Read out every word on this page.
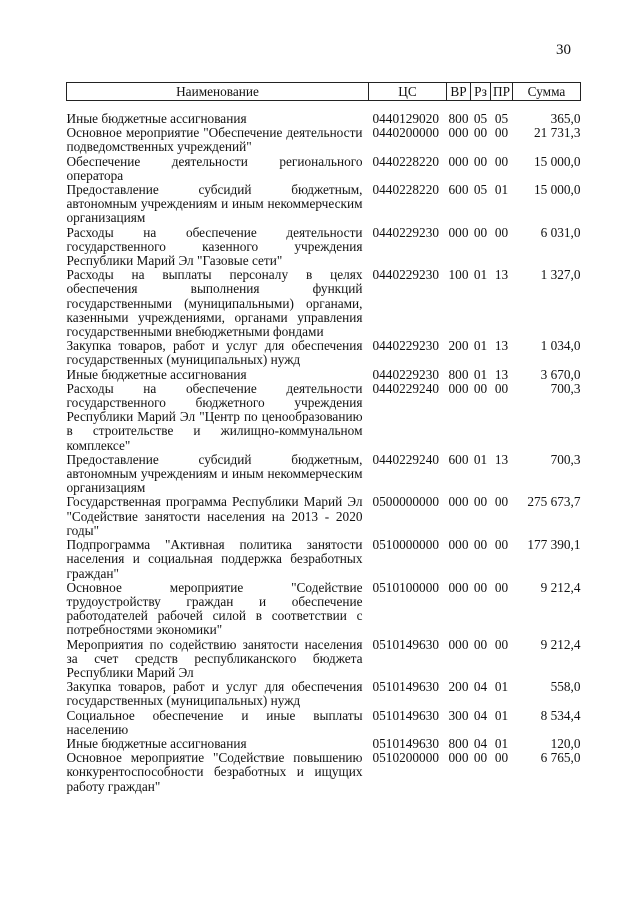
30
Наименование	ЦС	ВР	Рз	ПР	Сумма
Иные бюджетные ассигнования	0440129020	800	05	05	365,0
Основное мероприятие "Обеспечение деятельности подведомственных учреждений"	0440200000	000	00	00	21 731,3
Обеспечение деятельности регионального оператора	0440228220	000	00	00	15 000,0
Предоставление субсидий бюджетным, автономным учреждениям и иным некоммерческим организациям	0440228220	600	05	01	15 000,0
Расходы на обеспечение деятельности государственного казенного учреждения Республики Марий Эл "Газовые сети"	0440229230	000	00	00	6 031,0
Расходы на выплаты персоналу в целях обеспечения выполнения функций государственными (муниципальными) органами, казенными учреждениями, органами управления государственными внебюджетными фондами	0440229230	100	01	13	1 327,0
Закупка товаров, работ и услуг для обеспечения государственных (муниципальных) нужд	0440229230	200	01	13	1 034,0
Иные бюджетные ассигнования	0440229230	800	01	13	3 670,0
Расходы на обеспечение деятельности государственного бюджетного учреждения Республики Марий Эл "Центр по ценообразованию в строительстве и жилищно-коммунальном комплексе"	0440229240	000	00	00	700,3
Предоставление субсидий бюджетным, автономным учреждениям и иным некоммерческим организациям	0440229240	600	01	13	700,3
Государственная программа Республики Марий Эл "Содействие занятости населения на 2013 - 2020 годы"	0500000000	000	00	00	275 673,7
Подпрограмма "Активная политика занятости населения и социальная поддержка безработных граждан"	0510000000	000	00	00	177 390,1
Основное мероприятие "Содействие трудоустройству граждан и обеспечение работодателей рабочей силой в соответствии с потребностями экономики"	0510100000	000	00	00	9 212,4
Мероприятия по содействию занятости населения за счет средств республиканского бюджета Республики Марий Эл	0510149630	000	00	00	9 212,4
Закупка товаров, работ и услуг для обеспечения государственных (муниципальных) нужд	0510149630	200	04	01	558,0
Социальное обеспечение и иные выплаты населению	0510149630	300	04	01	8 534,4
Иные бюджетные ассигнования	0510149630	800	04	01	120,0
Основное мероприятие "Содействие повышению конкурентоспособности безработных и ищущих работу граждан"	0510200000	000	00	00	6 765,0
